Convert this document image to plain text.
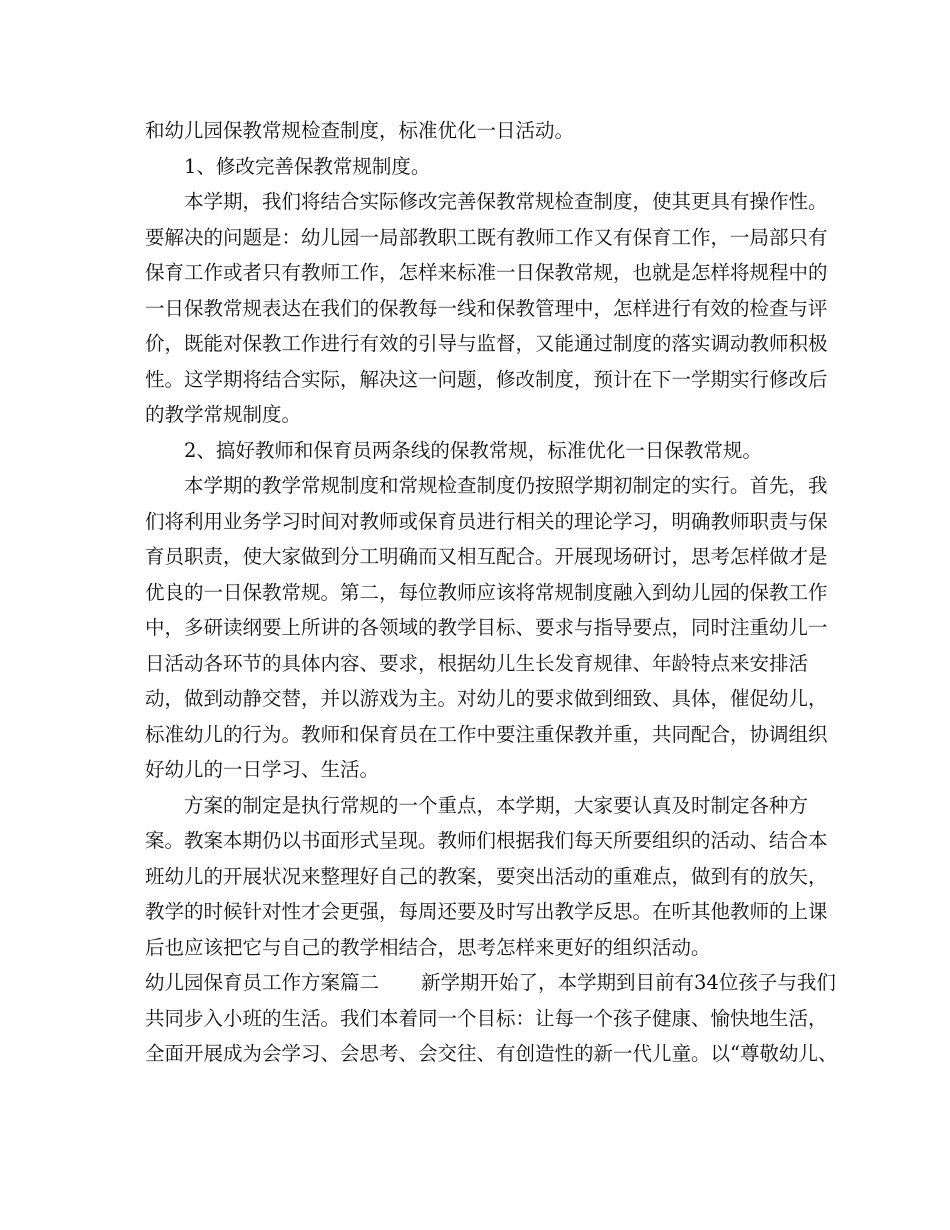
和幼儿园保教常规检查制度，标准优化一日活动。
1、修改完善保教常规制度。
本学期，我们将结合实际修改完善保教常规检查制度，使其更具有操作性。
要解决的问题是：幼儿园一局部教职工既有教师工作又有保育工作，一局部只有
保育工作或者只有教师工作，怎样来标准一日保教常规，也就是怎样将规程中的
一日保教常规表达在我们的保教每一线和保教管理中，怎样进行有效的检查与评
价，既能对保教工作进行有效的引导与监督，又能通过制度的落实调动教师积极
性。这学期将结合实际，解决这一问题，修改制度，预计在下一学期实行修改后
的教学常规制度。
2、搞好教师和保育员两条线的保教常规，标准优化一日保教常规。
本学期的教学常规制度和常规检查制度仍按照学期初制定的实行。首先，我
们将利用业务学习时间对教师或保育员进行相关的理论学习，明确教师职责与保
育员职责，使大家做到分工明确而又相互配合。开展现场研讨，思考怎样做才是
优良的一日保教常规。第二，每位教师应该将常规制度融入到幼儿园的保教工作
中，多研读纲要上所讲的各领域的教学目标、要求与指导要点，同时注重幼儿一
日活动各环节的具体内容、要求，根据幼儿生长发育规律、年龄特点来安排活
动，做到动静交替，并以游戏为主。对幼儿的要求做到细致、具体，催促幼儿，
标准幼儿的行为。教师和保育员在工作中要注重保教并重，共同配合，协调组织
好幼儿的一日学习、生活。
方案的制定是执行常规的一个重点，本学期，大家要认真及时制定各种方
案。教案本期仍以书面形式呈现。教师们根据我们每天所要组织的活动、结合本
班幼儿的开展状况来整理好自己的教案，要突出活动的重难点，做到有的放矢，
教学的时候针对性才会更强，每周还要及时写出教学反思。在听其他教师的上课
后也应该把它与自己的教学相结合，思考怎样来更好的组织活动。
幼儿园保育员工作方案篇二 新学期开始了，本学期到目前有34位孩子与我们
共同步入小班的生活。我们本着同一个目标：让每一个孩子健康、愉快地生活，
全面开展成为会学习、会思考、会交往、有创造性的新一代儿童。以“尊敬幼儿、
